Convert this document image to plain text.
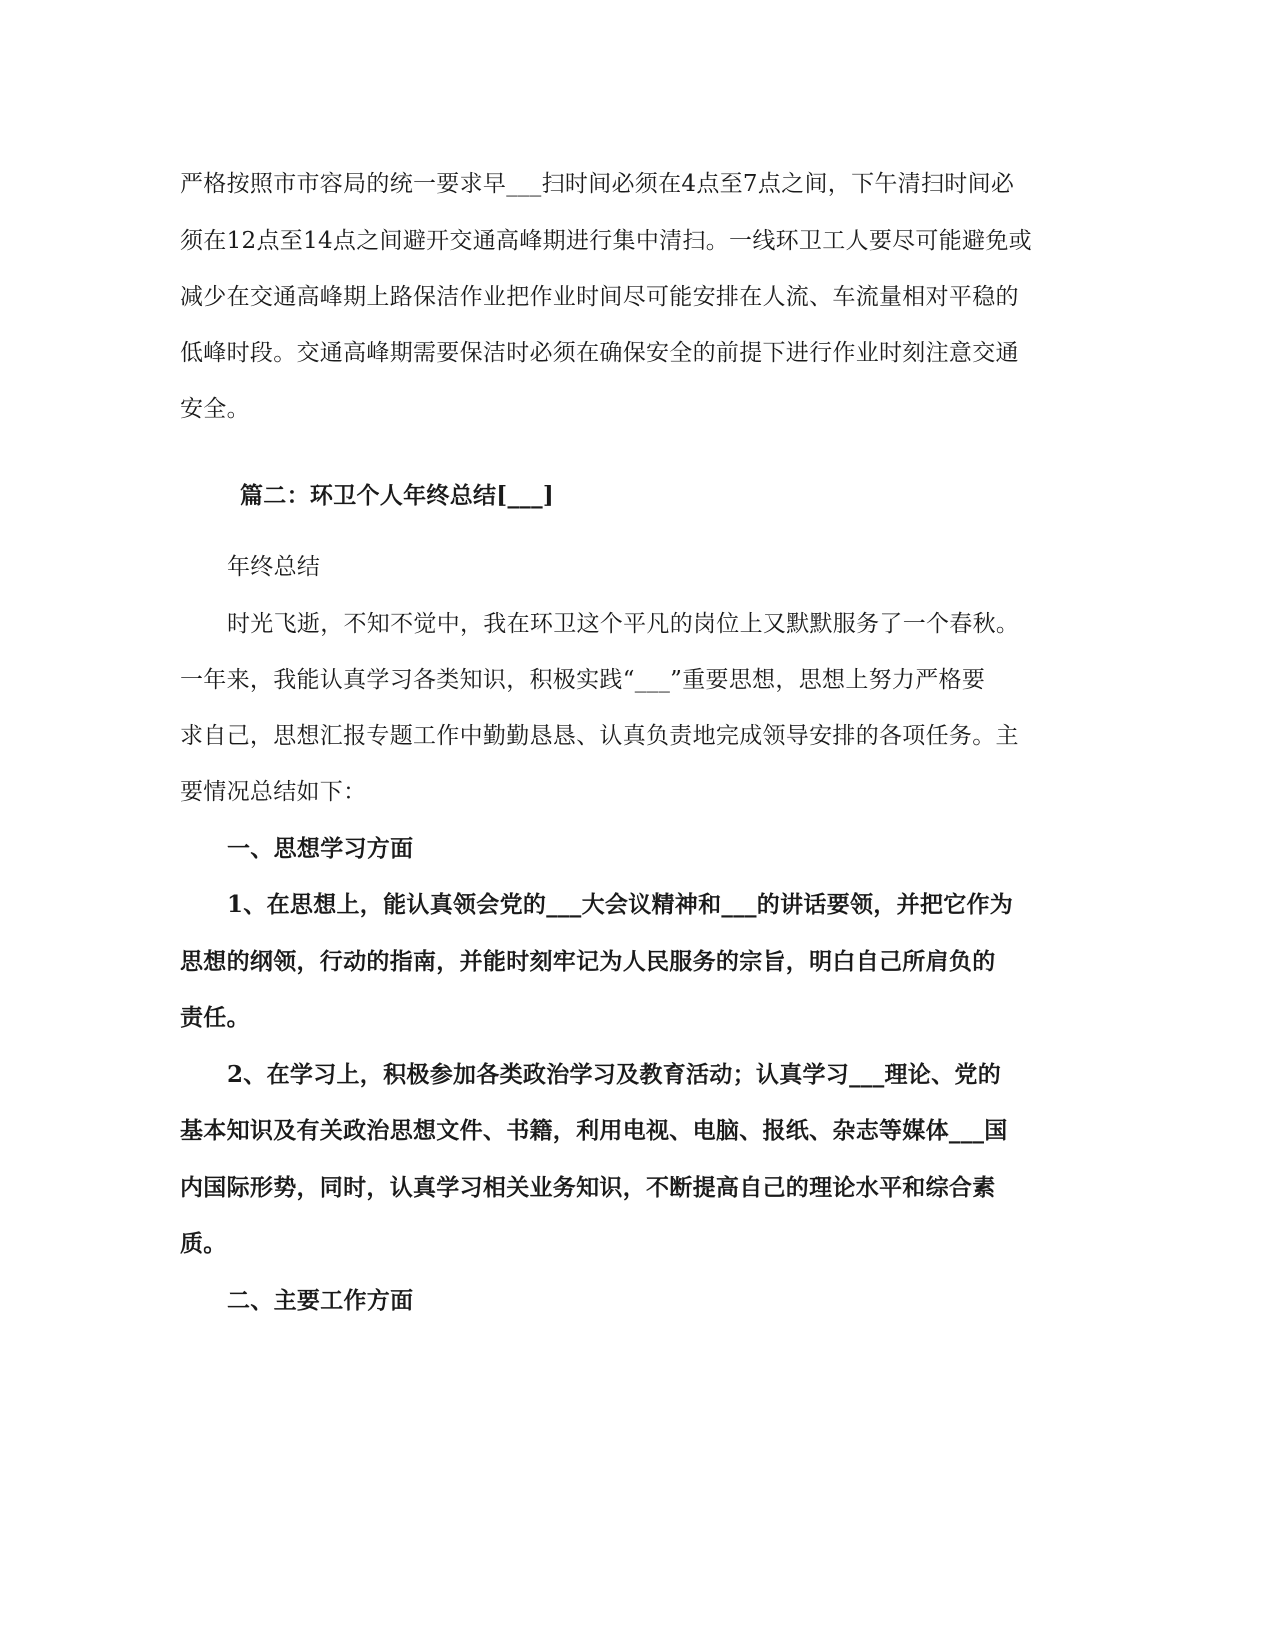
严格按照市市容局的统一要求早___扫时间必须在4点至7点之间，下午清扫时间必
须在12点至14点之间避开交通高峰期进行集中清扫。一线环卫工人要尽可能避免或
减少在交通高峰期上路保洁作业把作业时间尽可能安排在人流、车流量相对平稳的
低峰时段。交通高峰期需要保洁时必须在确保安全的前提下进行作业时刻注意交通
安全。
篇二：环卫个人年终总结[___]
年终总结
时光飞逝，不知不觉中，我在环卫这个平凡的岗位上又默默服务了一个春秋。
一年来，我能认真学习各类知识，积极实践“___”重要思想，思想上努力严格要
求自己，思想汇报专题工作中勤勤恳恳、认真负责地完成领导安排的各项任务。主
要情况总结如下：
一、思想学习方面
1、在思想上，能认真领会党的___大会议精神和___的讲话要领，并把它作为
思想的纲领，行动的指南，并能时刻牢记为人民服务的宗旨，明白自己所肩负的
责任。
2、在学习上，积极参加各类政治学习及教育活动；认真学习___理论、党的
基本知识及有关政治思想文件、书籍，利用电视、电脑、报纸、杂志等媒体___国
内国际形势，同时，认真学习相关业务知识，不断提高自己的理论水平和综合素
质。
二、主要工作方面
